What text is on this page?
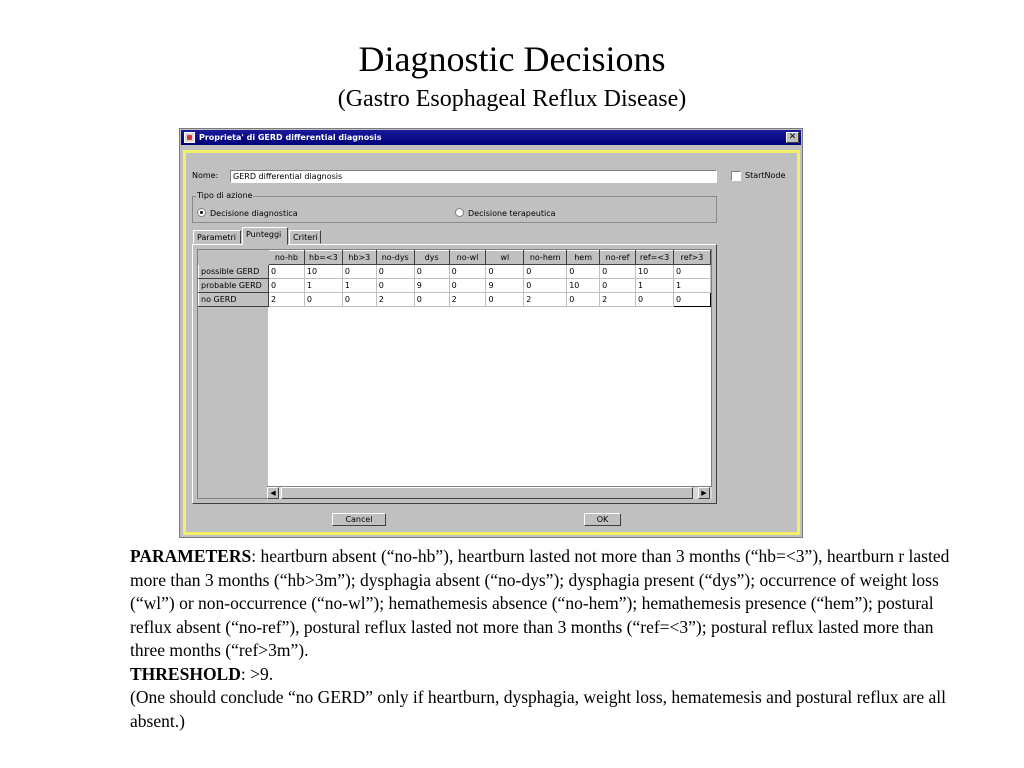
Diagnostic Decisions
(Gastro Esophageal Reflux Disease)
Proprieta' di GERD differential diagnosis	✕
Nome:	GERD differential diagnosis	StartNode
Tipo di azione
Decisione diagnostica	Decisione terapeutica
Parametri	Punteggi	Criteri
	no-hb	hb=<3	hb>3	no-dys	dys	no-wl	wl	no-hem	hem	no-ref	ref=<3	ref>3
possible GERD	0	10	0	0	0	0	0	0	0	0	10	0
probable GERD	0	1	1	0	9	0	9	0	10	0	1	1
no GERD	2	0	0	2	0	2	0	2	0	2	0	0
◀	▶
Cancel	OK

PARAMETERS: heartburn absent (“no-hb”), heartburn lasted not more than 3 months (“hb=<3”), heartburn r lasted more than 3 months (“hb>3m”); dysphagia absent (“no-dys”); dysphagia present (“dys”); occurrence of weight loss (“wl”) or non-occurrence (“no-wl”); hemathemesis absence (“no-hem”); hemathemesis presence (“hem”); postural reflux absent (“no-ref”), postural reflux lasted not more than 3 months (“ref=<3”); postural reflux lasted more than three months (“ref>3m”).

THRESHOLD: >9.

(One should conclude “no GERD” only if heartburn, dysphagia, weight loss, hematemesis and postural reflux are all absent.)
